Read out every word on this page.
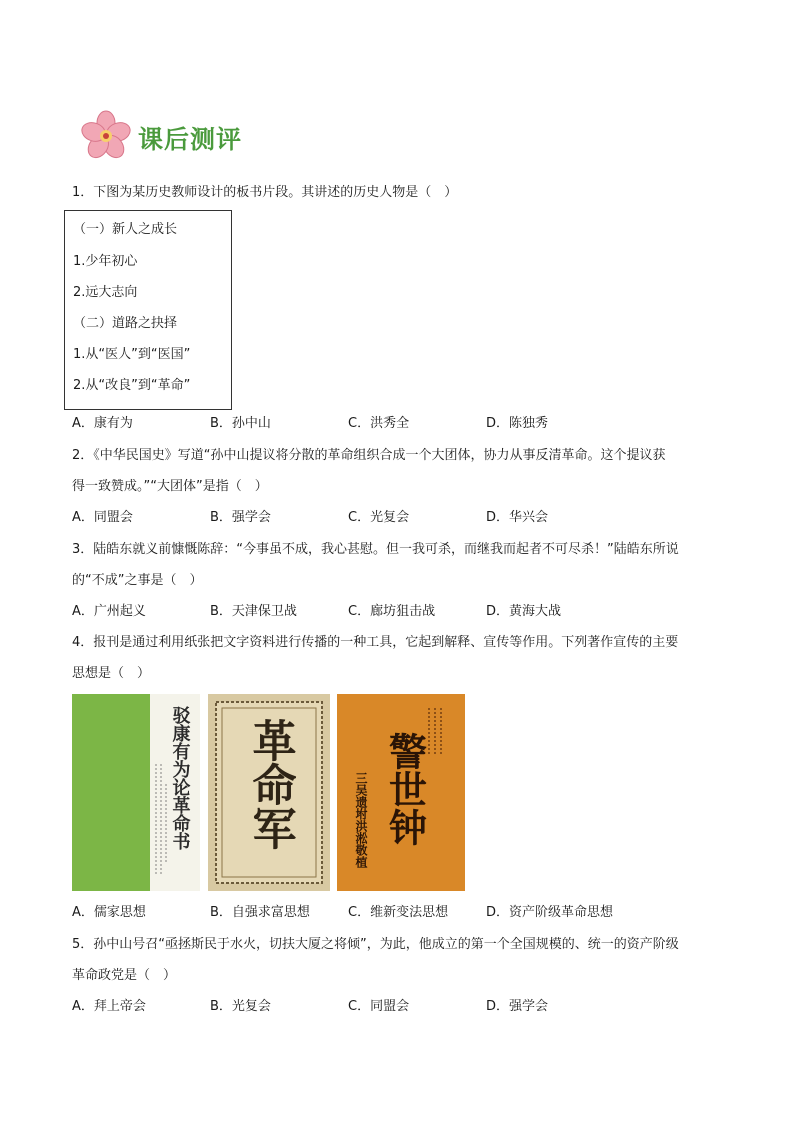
课后测评
1．下图为某历史教师设计的板书片段。其讲述的历史人物是（　）
（一）新人之成长
1.少年初心
2.远大志向
（二）道路之抉择
1.从“医人”到“医国”
2.从“改良”到“革命”
A．康有为	B．孙中山	C．洪秀全	D．陈独秀
2．《中华民国史》写道“孙中山提议将分散的革命组织合成一个大团体，协力从事反清革命。这个提议获
得一致赞成。”“大团体”是指（　）
A．同盟会	B．强学会	C．光复会	D．华兴会
3．陆皓东就义前慷慨陈辞：“今事虽不成，我心甚慰。但一我可杀，而继我而起者不可尽杀！”陆皓东所说
的“不成”之事是（　）
A．广州起义	B．天津保卫战	C．廊坊狙击战	D．黄海大战
4．报刊是通过利用纸张把文字资料进行传播的一种工具，它起到解释、宣传等作用。下列著作宣传的主要
思想是（　）
驳康有为论革命书 革命军 警世钟
三吴遗坿洪淞敬植
A．儒家思想	B．自强求富思想	C．维新变法思想	D．资产阶级革命思想
5．孙中山号召“亟拯斯民于水火，切扶大厦之将倾”，为此，他成立的第一个全国规模的、统一的资产阶级
革命政党是（　）
A．拜上帝会	B．光复会	C．同盟会	D．强学会
